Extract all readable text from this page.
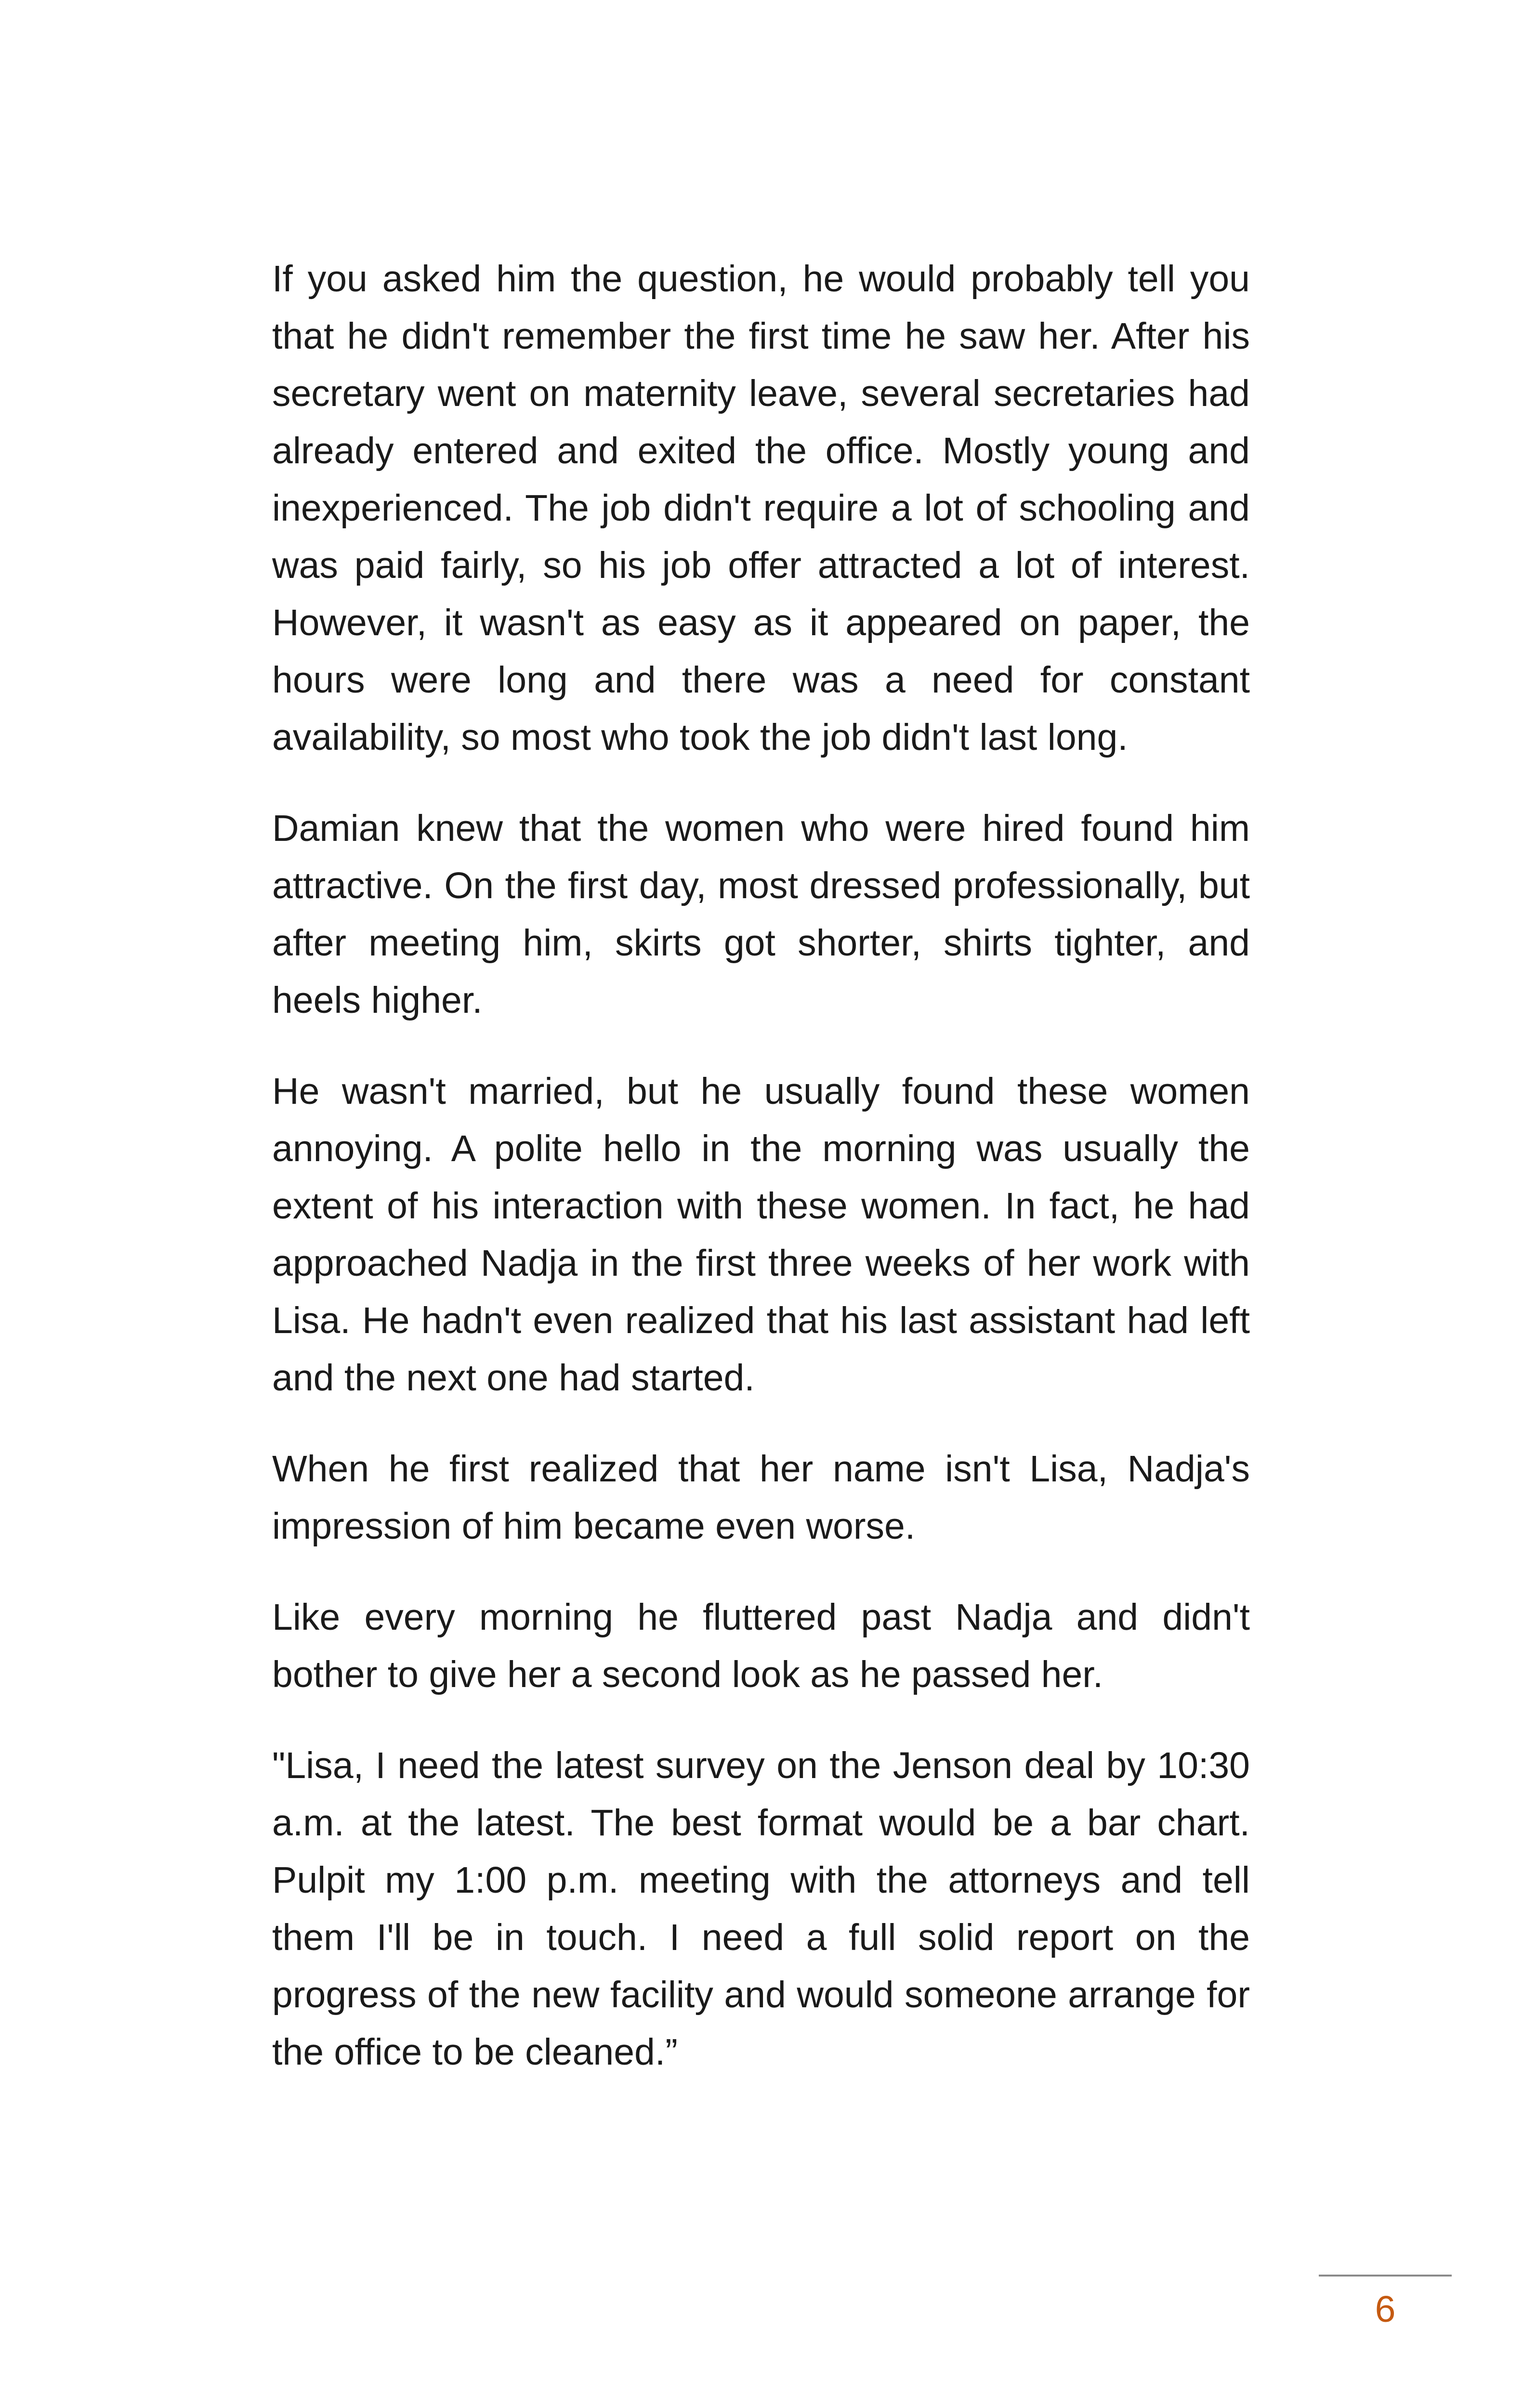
If you asked him the question, he would probably tell you that he didn't remember the first time he saw her. After his secretary went on maternity leave, several secretaries had already entered and exited the office. Mostly young and inexperienced. The job didn't require a lot of schooling and was paid fairly, so his job offer attracted a lot of interest. However, it wasn't as easy as it appeared on paper, the hours were long and there was a need for constant availability, so most who took the job didn't last long.

Damian knew that the women who were hired found him attractive. On the first day, most dressed professionally, but after meeting him, skirts got shorter, shirts tighter, and heels higher.

He wasn't married, but he usually found these women annoying. A polite hello in the morning was usually the extent of his interaction with these women. In fact, he had approached Nadja in the first three weeks of her work with Lisa. He hadn't even realized that his last assistant had left and the next one had started.

When he first realized that her name isn't Lisa, Nadja's impression of him became even worse.

Like every morning he fluttered past Nadja and didn't bother to give her a second look as he passed her.

"Lisa, I need the latest survey on the Jenson deal by 10:30 a.m. at the latest. The best format would be a bar chart. Pulpit my 1:00 p.m. meeting with the attorneys and tell them I'll be in touch. I need a full solid report on the progress of the new facility and would someone arrange for the office to be cleaned.”

6
